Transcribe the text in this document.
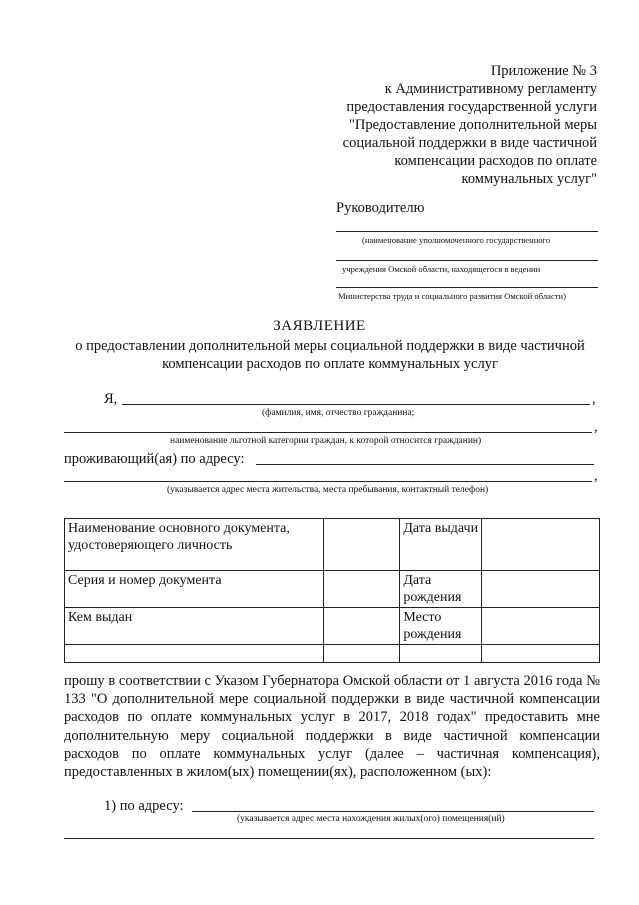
Приложение № 3
к Административному регламенту
предоставления государственной услуги
"Предоставление дополнительной меры
социальной поддержки в виде частичной
компенсации расходов по оплате
коммунальных услуг"
Руководителю
(наименование уполномоченного государственного
учреждения Омской области, находящегося в ведении
Министерства труда и социального развития Омской области)
ЗАЯВЛЕНИЕ
о предоставлении дополнительной меры социальной поддержки в виде частичной компенсации расходов по оплате коммунальных услуг
Я,	,
(фамилия, имя, отчество гражданина;
,
наименование льготной категории граждан, к которой относится гражданин)
проживающий(ая) по адресу:
,
(указывается адрес места жительства, места пребывания, контактный телефон)
Наименование основного документа, удостоверяющего личность		Дата выдачи	
Серия и номер документа		Дата рождения	
Кем выдан		Место рождения	

прошу в соответствии с Указом Губернатора Омской области от 1 августа 2016 года № 133 "О дополнительной мере социальной поддержки в виде частичной компенсации расходов по оплате коммунальных услуг в 2017, 2018 годах" предоставить мне дополнительную меру социальной поддержки в виде частичной компенсации расходов по оплате коммунальных услуг (далее – частичная компенсация), предоставленных в жилом(ых) помещении(ях), расположенном (ых):

1) по адресу:
(указывается адрес места нахождения жилых(ого) помещения(ий)
